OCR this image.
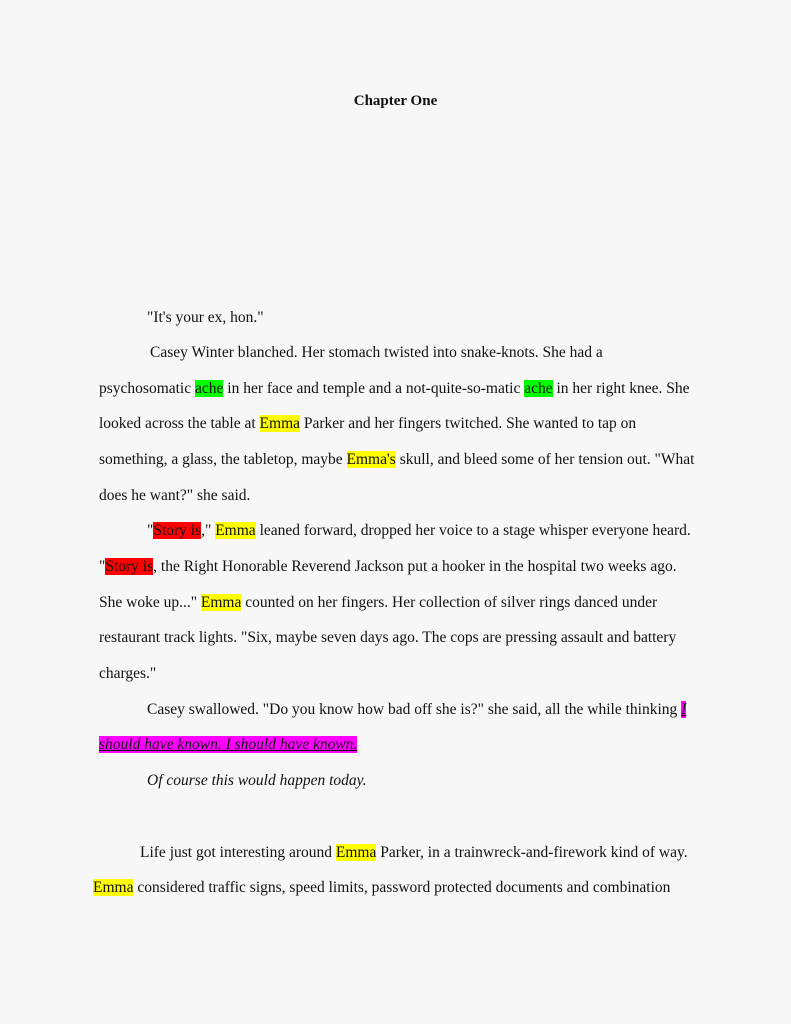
Chapter One
"It's your ex, hon."
Casey Winter blanched. Her stomach twisted into snake-knots. She had a
psychosomatic ache in her face and temple and a not-quite-so-matic ache in her right knee. She
looked across the table at Emma Parker and her fingers twitched. She wanted to tap on
something, a glass, the tabletop, maybe Emma's skull, and bleed some of her tension out. "What
does he want?" she said.
"Story is," Emma leaned forward, dropped her voice to a stage whisper everyone heard.
"Story is, the Right Honorable Reverend Jackson put a hooker in the hospital two weeks ago.
She woke up..." Emma counted on her fingers. Her collection of silver rings danced under
restaurant track lights. "Six, maybe seven days ago. The cops are pressing assault and battery
charges."
Casey swallowed. "Do you know how bad off she is?" she said, all the while thinking I
should have known. I should have known.
Of course this would happen today.
Life just got interesting around Emma Parker, in a trainwreck-and-firework kind of way.
Emma considered traffic signs, speed limits, password protected documents and combination
